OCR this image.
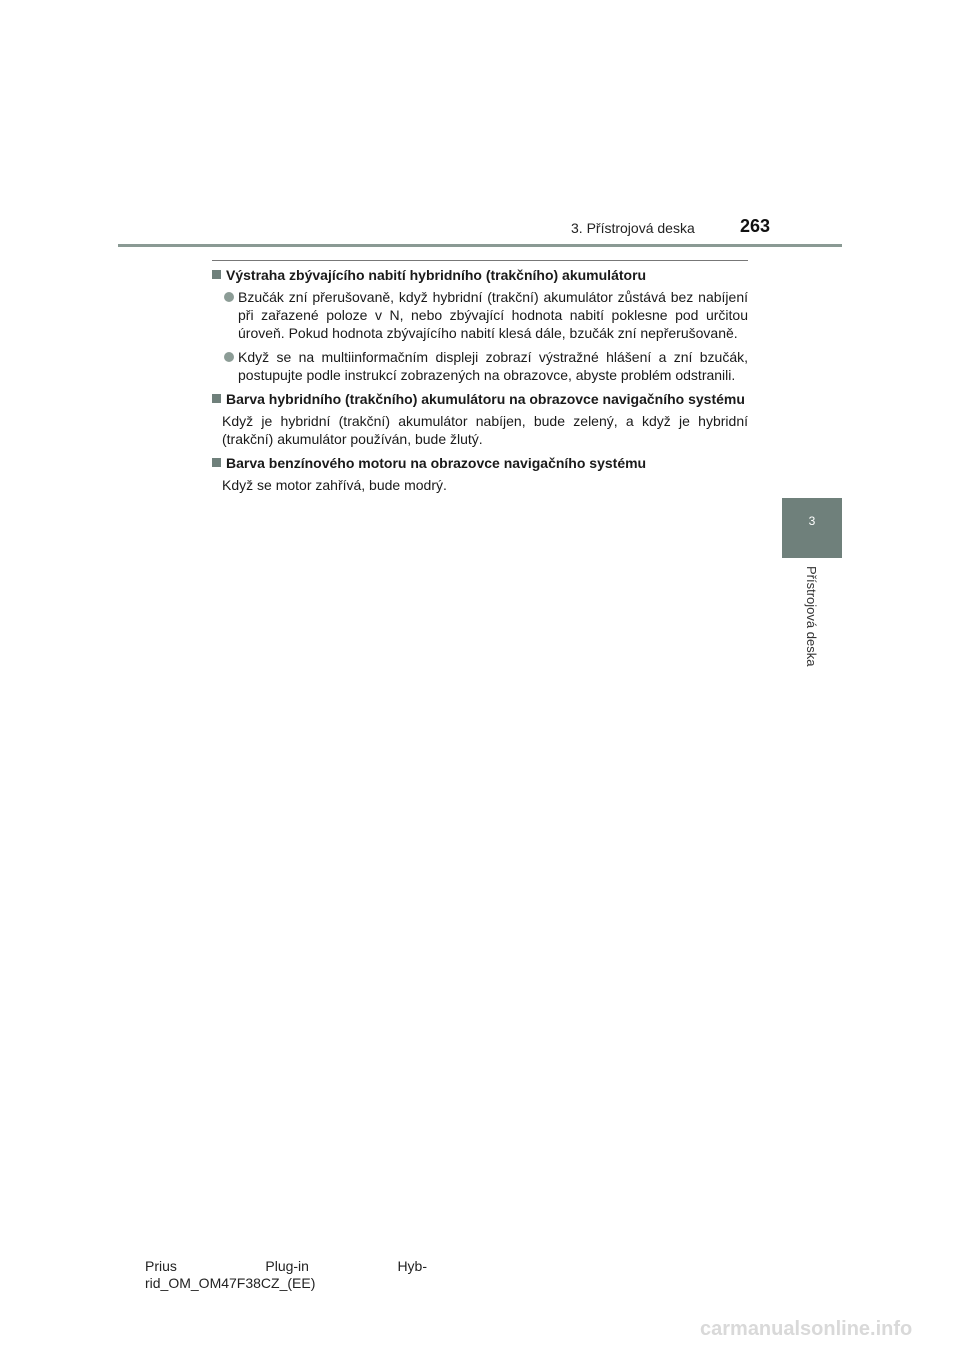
3. Přístrojová deska	263
3
Přístrojová deska
Výstraha zbývajícího nabití hybridního (trakčního) akumulátoru
Bzučák zní přerušovaně, když hybridní (trakční) akumulátor zůstává bez nabíjení při zařazené poloze v N, nebo zbývající hodnota nabití poklesne pod určitou úroveň. Pokud hodnota zbývajícího nabití klesá dále, bzučák zní nepřerušovaně.
Když se na multiinformačním displeji zobrazí výstražné hlášení a zní bzučák, postupujte podle instrukcí zobrazených na obrazovce, abyste problém odstranili.
Barva hybridního (trakčního) akumulátoru na obrazovce navigačního systému
Když je hybridní (trakční) akumulátor nabíjen, bude zelený, a když je hybridní (trakční) akumulátor používán, bude žlutý.
Barva benzínového motoru na obrazovce navigačního systému
Když se motor zahřívá, bude modrý.
Prius	Plug-in	Hyb-
rid_OM_OM47F38CZ_(EE)
carmanualsonline.info
